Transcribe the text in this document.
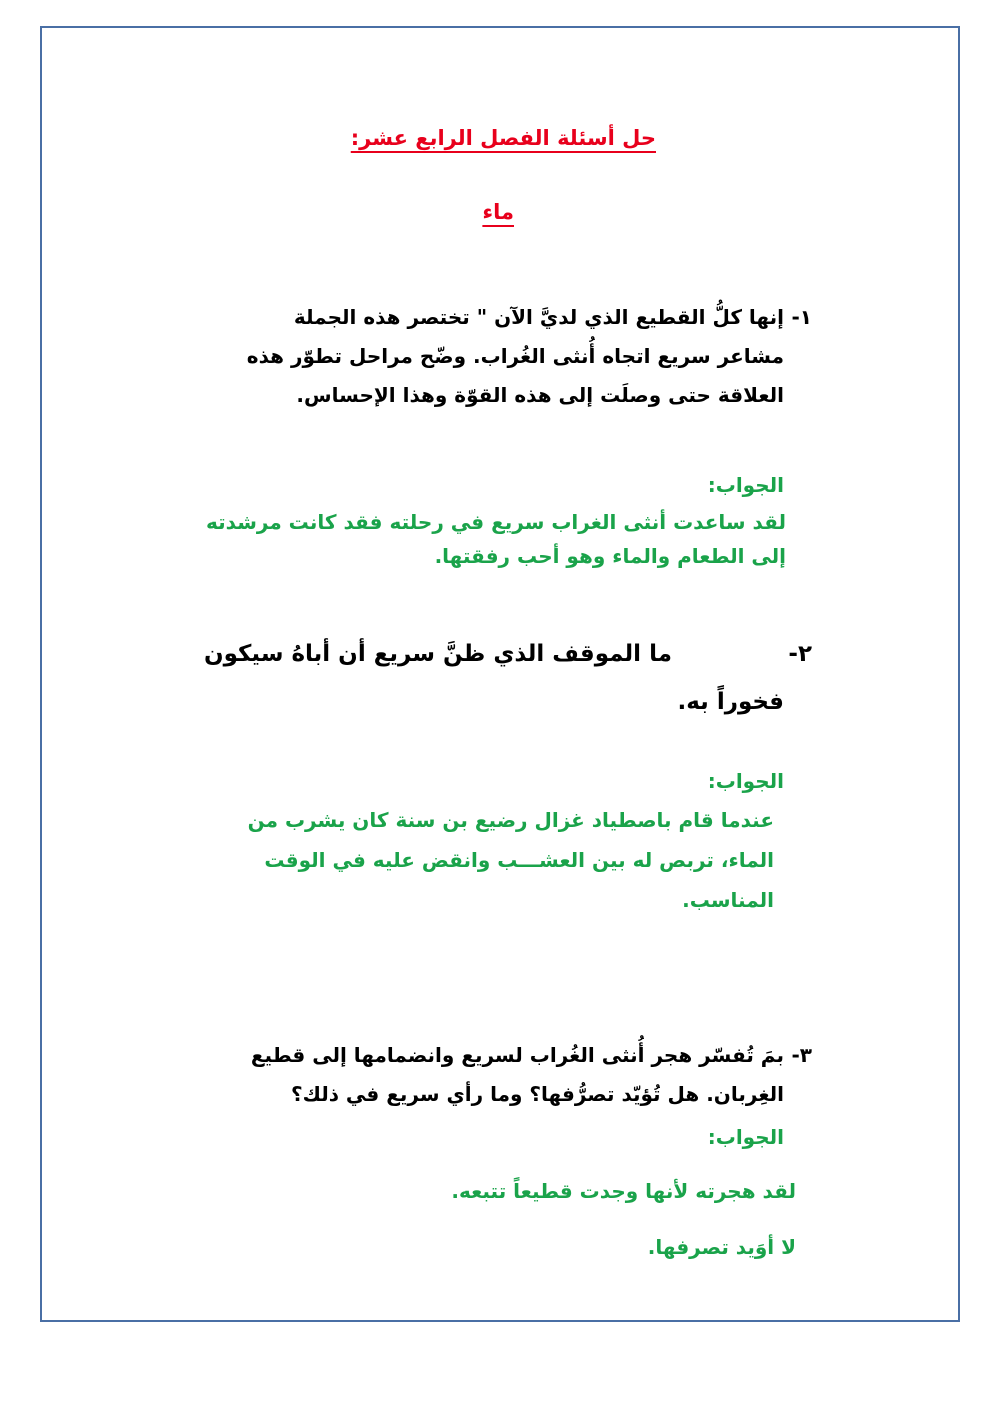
حل أسئلة الفصل الرابع عشر:
ماء
١-
إنها كلُّ القطيع الذي لديَّ الآن " تختصر هذه الجملة
مشاعر سريع اتجاه أُنثى الغُراب. وضّح مراحل تطوّر هذه
العلاقة حتى وصلَت إلى هذه القوّة وهذا الإحساس.
الجواب:
لقد ساعدت أنثى الغراب سريع في رحلته فقد كانت مرشدته
إلى الطعام والماء وهو أحب رفقتها.
٢-
ما الموقف الذي ظنَّ سريع أن أباهُ سيكون
فخوراً به.
الجواب:
عندما قام باصطياد غزال رضيع بن سنة كان يشرب من
الماء، تربص له بين العشـــب وانقض عليه في الوقت
المناسب.
٣-
بمَ تُفسّر هجر أُنثى الغُراب لسريع وانضمامها إلى قطيع
الغِربان. هل تُؤيّد تصرُّفها؟ وما رأي سريع في ذلك؟
الجواب:
لقد هجرته لأنها وجدت قطيعاً تتبعه.
لا أوَيد تصرفها.
